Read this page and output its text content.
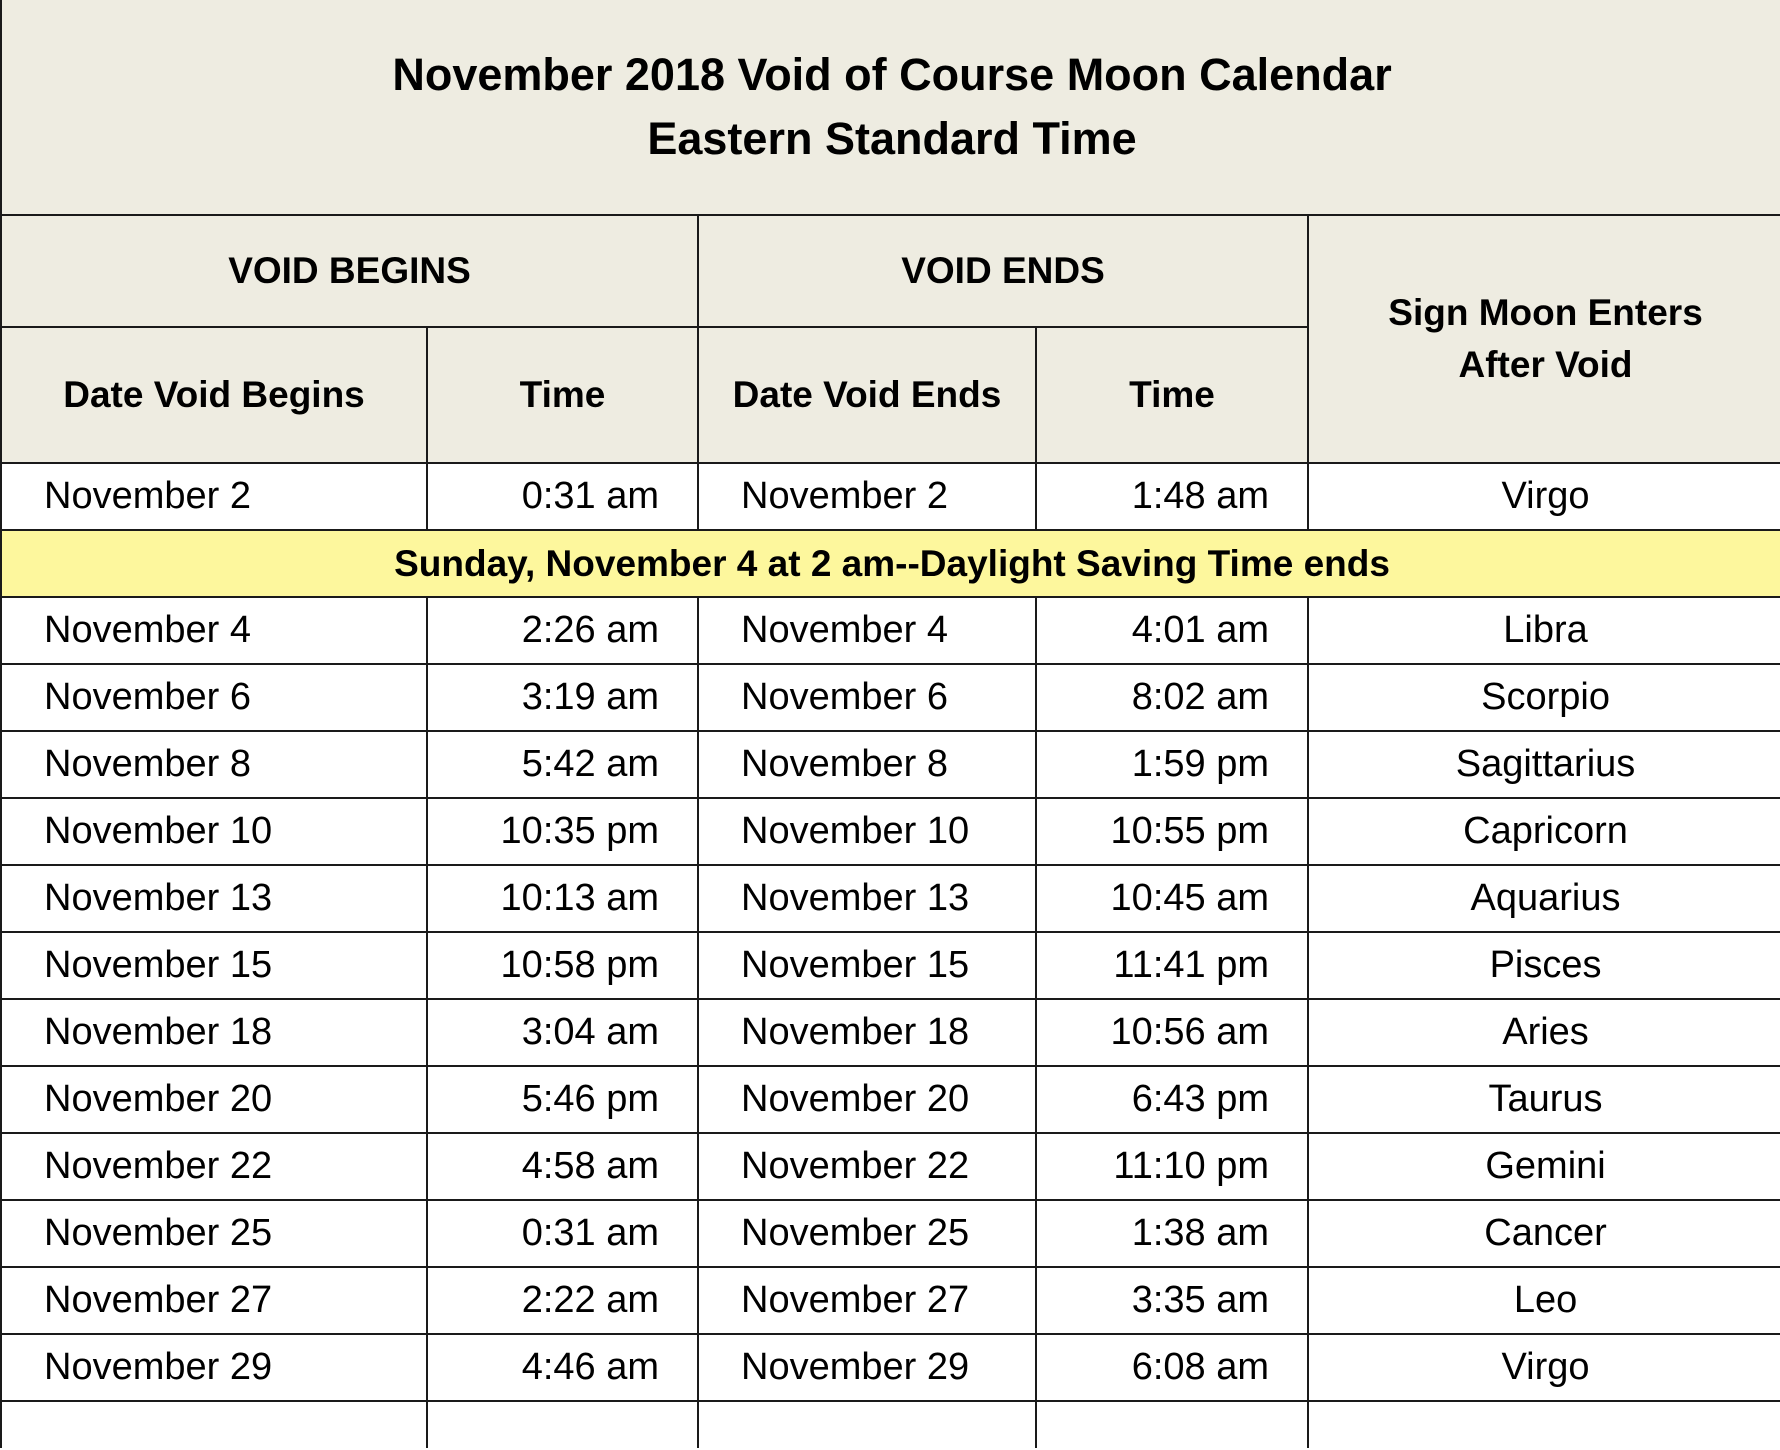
November 2018 Void of Course Moon Calendar
Eastern Standard Time				

VOID BEGINS		VOID ENDS		Sign Moon Enters
After Void

Date Void Begins	Time	Date Void Ends	Time	
November 2	0:31 am	November 2	1:48 am	Virgo
Sunday, November 4 at 2 am--Daylight Saving Time ends				
November 4	2:26 am	November 4	4:01 am	Libra
November 6	3:19 am	November 6	8:02 am	Scorpio
November 8	5:42 am	November 8	1:59 pm	Sagittarius
November 10	10:35 pm	November 10	10:55 pm	Capricorn
November 13	10:13 am	November 13	10:45 am	Aquarius
November 15	10:58 pm	November 15	11:41 pm	Pisces
November 18	3:04 am	November 18	10:56 am	Aries
November 20	5:46 pm	November 20	6:43 pm	Taurus
November 22	4:58 am	November 22	11:10 pm	Gemini
November 25	0:31 am	November 25	1:38 am	Cancer
November 27	2:22 am	November 27	3:35 am	Leo
November 29	4:46 am	November 29	6:08 am	Virgo
